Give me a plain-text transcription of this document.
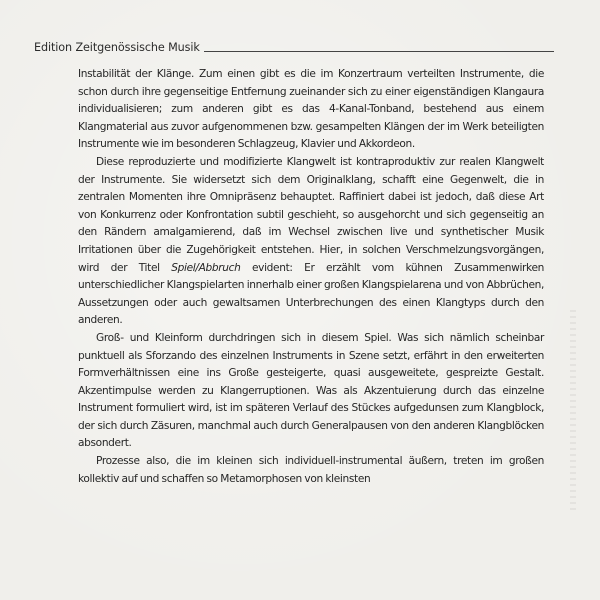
Edition Zeitgenössische Musik

Instabilität der Klänge. Zum einen gibt es die im Konzertraum verteilten Instrumente, die schon durch ihre gegenseitige Entfernung zueinander sich zu einer eigenständigen Klangaura individualisieren; zum anderen gibt es das 4-Kanal-Tonband, bestehend aus einem Klangmaterial aus zuvor aufgenommenen bzw. gesampelten Klängen der im Werk beteiligten Instrumente wie im besonderen Schlagzeug, Klavier und Akkordeon.

Diese reproduzierte und modifizierte Klangwelt ist kontraproduktiv zur realen Klangwelt der Instrumente. Sie widersetzt sich dem Originalklang, schafft eine Gegenwelt, die in zentralen Momenten ihre Omnipräsenz behauptet. Raffiniert dabei ist jedoch, daß diese Art von Konkurrenz oder Konfrontation subtil geschieht, so ausgehorcht und sich gegenseitig an den Rändern amalgamierend, daß im Wechsel zwischen live und synthetischer Musik Irritationen über die Zugehörigkeit entstehen. Hier, in solchen Verschmelzungsvorgängen, wird der Titel Spiel/Abbruch evident: Er erzählt vom kühnen Zusammenwirken unterschiedlicher Klangspielarten innerhalb einer großen Klangspielarena und von Abbrüchen, Aussetzungen oder auch gewaltsamen Unterbrechungen des einen Klangtyps durch den anderen.

Groß- und Kleinform durchdringen sich in diesem Spiel. Was sich nämlich scheinbar punktuell als Sforzando des einzelnen Instruments in Szene setzt, erfährt in den erweiterten Formverhältnissen eine ins Große gesteigerte, quasi ausgeweitete, gespreizte Gestalt. Akzentimpulse werden zu Klangerruptionen. Was als Akzentuierung durch das einzelne Instrument formuliert wird, ist im späteren Verlauf des Stückes aufgedunsen zum Klangblock, der sich durch Zäsuren, manchmal auch durch Generalpausen von den anderen Klangblöcken absondert.

Prozesse also, die im kleinen sich individuell-instrumental äußern, treten im großen kollektiv auf und schaffen so Metamorphosen von kleinsten
